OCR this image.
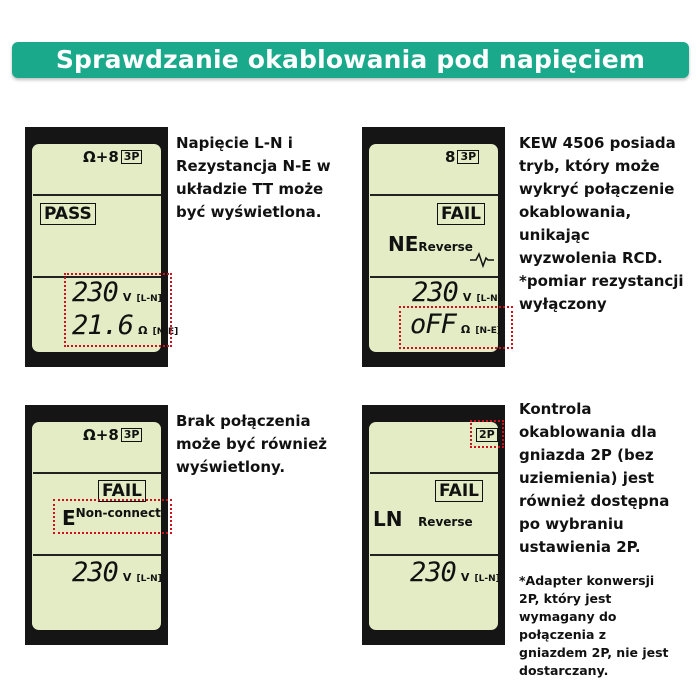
Sprawdzanie okablowania pod napięciem
Ω+8 3P
PASS
230 V [L-N]
21.6 Ω [N-E]
Napięcie L-N i
Rezystancja N-E w
układzie TT może
być wyświetlona.
8 3P
FAIL
NEReverse
230 V [L-N]
oFF Ω [N-E]
KEW 4506 posiada
tryb, który może
wykryć połączenie
okablowania,
unikając
wyzwolenia RCD.
*pomiar rezystancji
wyłączony
Ω+8 3P
FAIL
ENon-connect
230 V [L-N]
Brak połączenia
może być również
wyświetlony.
2P
FAIL
LN Reverse
230 V [L-N]
Kontrola
okablowania dla
gniazda 2P (bez
uziemienia) jest
również dostępna
po wybraniu
ustawienia 2P.
*Adapter konwersji
2P, który jest
wymagany do
połączenia z
gniazdem 2P, nie jest
dostarczany.
